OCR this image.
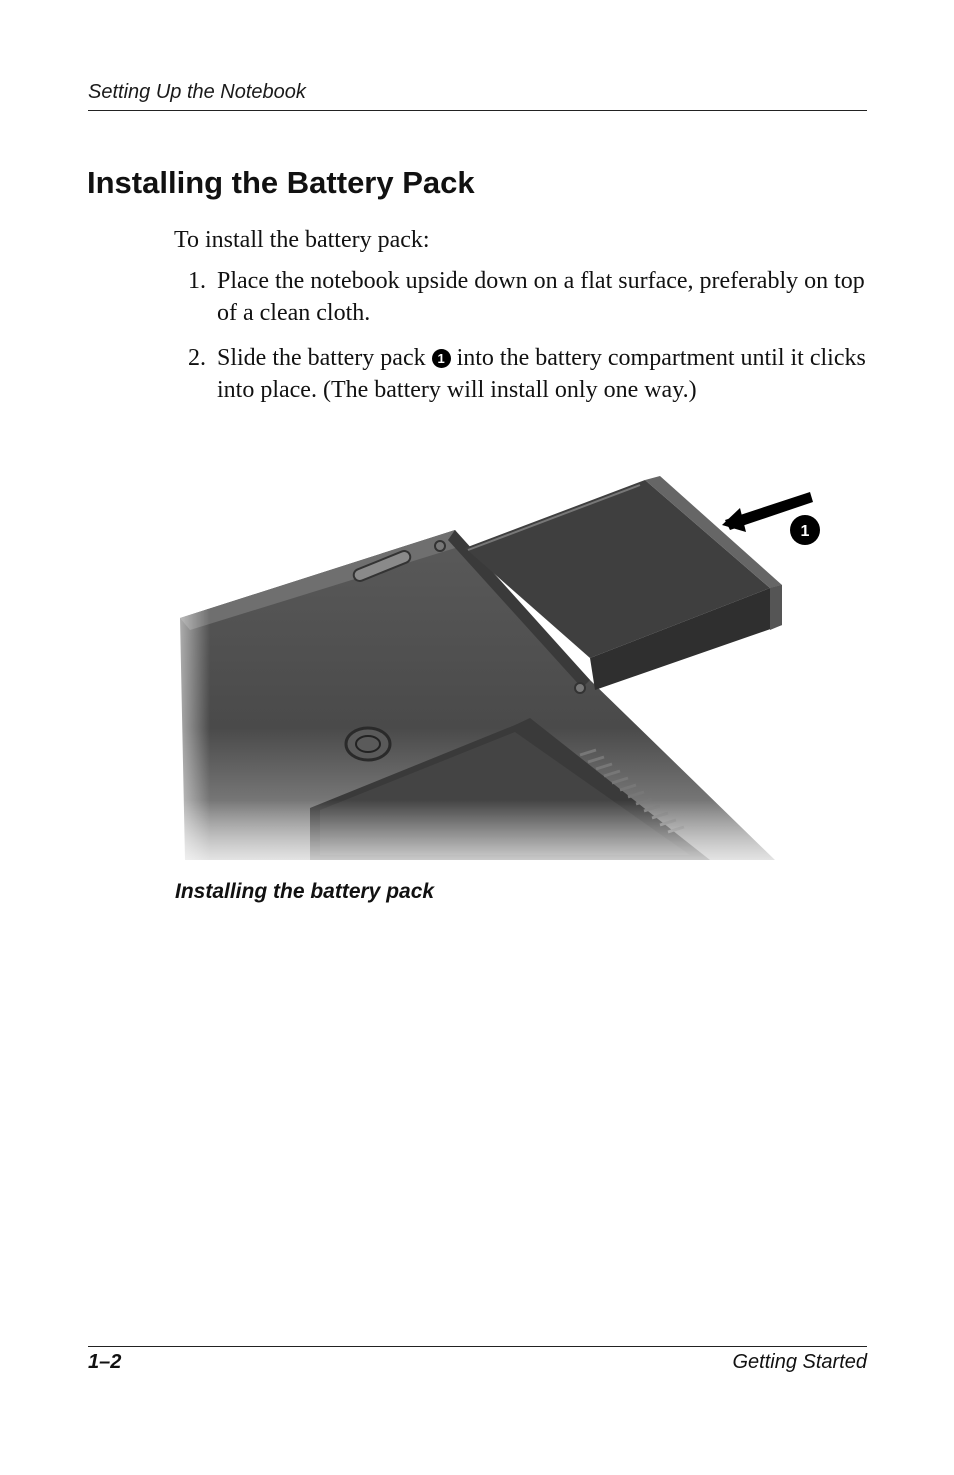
Setting Up the Notebook
Installing the Battery Pack
To install the battery pack:
1. Place the notebook upside down on a flat surface, preferably on top of a clean cloth.
2. Slide the battery pack 1 into the battery compartment until it clicks into place. (The battery will install only one way.)
1
Installing the battery pack
1–2	Getting Started
